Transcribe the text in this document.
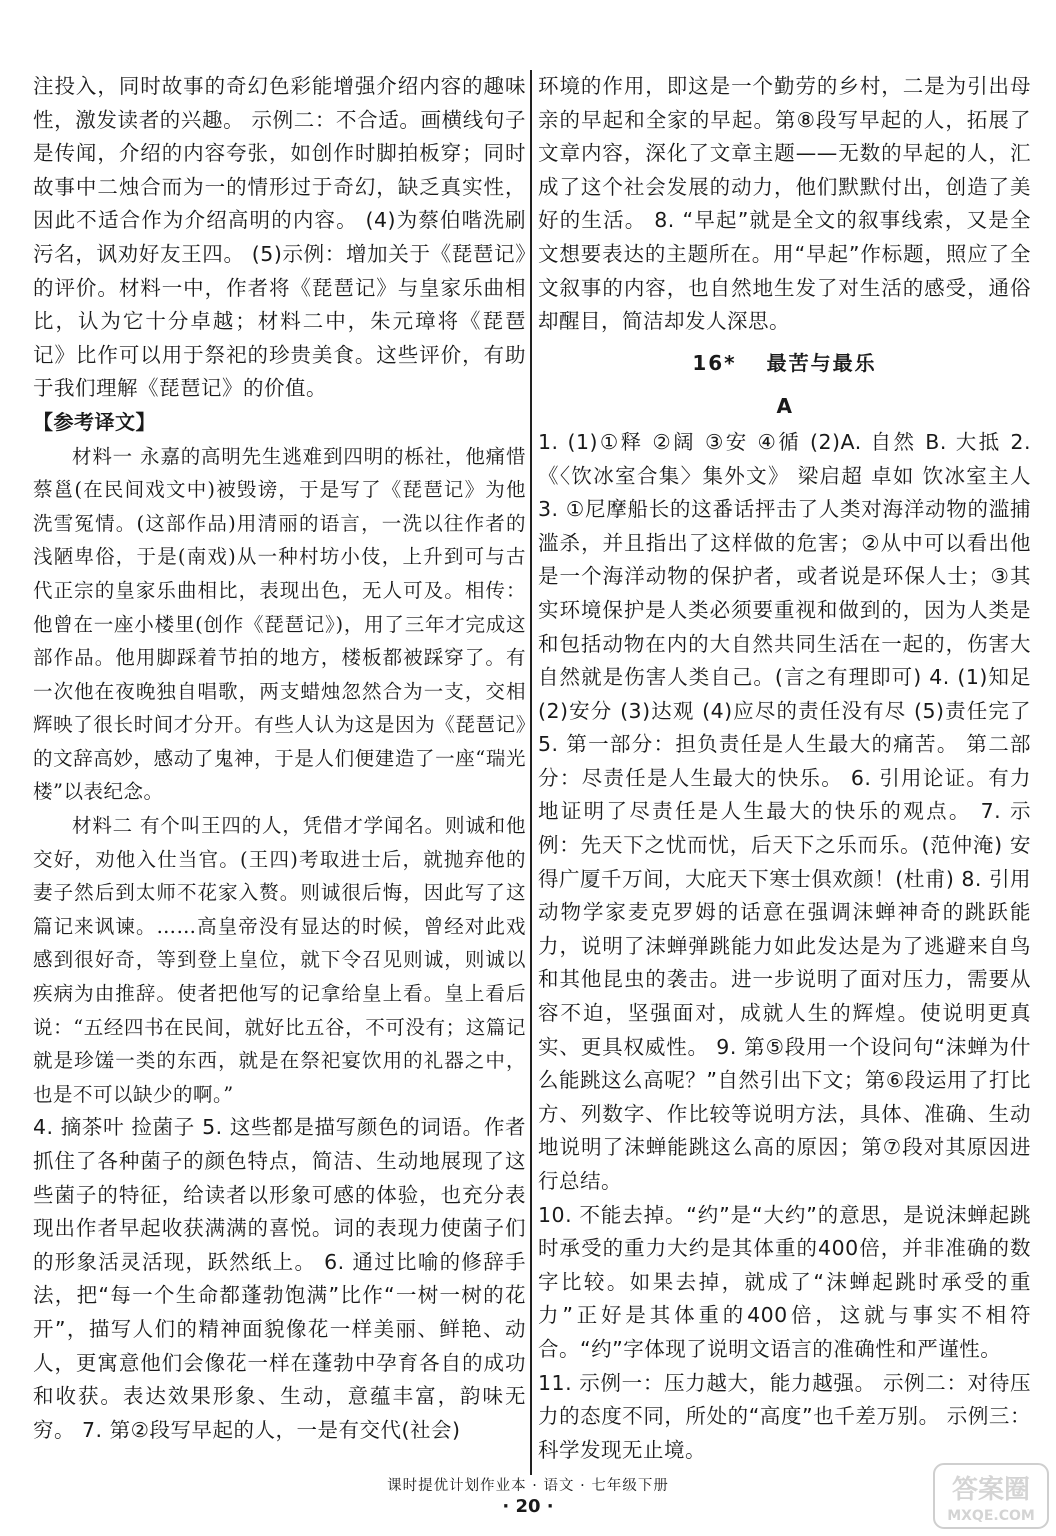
注投入，同时故事的奇幻色彩能增强介绍内容的趣味性，激发读者的兴趣。 示例二：不合适。画横线句子是传闻，介绍的内容夸张，如创作时脚拍板穿；同时故事中二烛合而为一的情形过于奇幻，缺乏真实性，因此不适合作为介绍高明的内容。 (4)为蔡伯喈洗刷污名，讽劝好友王四。 (5)示例：增加关于《琵琶记》的评价。材料一中，作者将《琵琶记》与皇家乐曲相比，认为它十分卓越；材料二中，朱元璋将《琵琶记》比作可以用于祭祀的珍贵美食。这些评价，有助于我们理解《琵琶记》的价值。

【参考译文】

材料一 永嘉的高明先生逃难到四明的栎社，他痛惜蔡邕(在民间戏文中)被毁谤，于是写了《琵琶记》为他洗雪冤情。(这部作品)用清丽的语言，一洗以往作者的浅陋卑俗，于是(南戏)从一种村坊小伎，上升到可与古代正宗的皇家乐曲相比，表现出色，无人可及。相传：他曾在一座小楼里(创作《琵琶记》)，用了三年才完成这部作品。他用脚踩着节拍的地方，楼板都被踩穿了。有一次他在夜晚独自唱歌，两支蜡烛忽然合为一支，交相辉映了很长时间才分开。有些人认为这是因为《琵琶记》的文辞高妙，感动了鬼神，于是人们便建造了一座“瑞光楼”以表纪念。

材料二 有个叫王四的人，凭借才学闻名。则诚和他交好，劝他入仕当官。(王四)考取进士后，就抛弃他的妻子然后到太师不花家入赘。则诚很后悔，因此写了这篇记来讽谏。……高皇帝没有显达的时候，曾经对此戏感到很好奇，等到登上皇位，就下令召见则诚，则诚以疾病为由推辞。使者把他写的记拿给皇上看。皇上看后说：“五经四书在民间，就好比五谷，不可没有；这篇记就是珍馐一类的东西，就是在祭祀宴饮用的礼器之中，也是不可以缺少的啊。”

4. 摘茶叶 捡菌子 5. 这些都是描写颜色的词语。作者抓住了各种菌子的颜色特点，简洁、生动地展现了这些菌子的特征，给读者以形象可感的体验，也充分表现出作者早起收获满满的喜悦。词的表现力使菌子们的形象活灵活现，跃然纸上。 6. 通过比喻的修辞手法，把“每一个生命都蓬勃饱满”比作“一树一树的花开”，描写人们的精神面貌像花一样美丽、鲜艳、动人，更寓意他们会像花一样在蓬勃中孕育各自的成功和收获。表达效果形象、生动，意蕴丰富，韵味无穷。 7. 第②段写早起的人，一是有交代(社会)

环境的作用，即这是一个勤劳的乡村，二是为引出母亲的早起和全家的早起。第⑧段写早起的人，拓展了文章内容，深化了文章主题——无数的早起的人，汇成了这个社会发展的动力，他们默默付出，创造了美好的生活。 8. “早起”就是全文的叙事线索，又是全文想要表达的主题所在。用“早起”作标题，照应了全文叙事的内容，也自然地生发了对生活的感受，通俗却醒目，简洁却发人深思。

16* 最苦与最乐
A

1. (1)①释 ②阔 ③安 ④循 (2)A. 自然 B. 大抵 2.《〈饮冰室合集〉集外文》 梁启超 卓如 饮冰室主人 3. ①尼摩船长的这番话抨击了人类对海洋动物的滥捕滥杀，并且指出了这样做的危害；②从中可以看出他是一个海洋动物的保护者，或者说是环保人士；③其实环境保护是人类必须要重视和做到的，因为人类是和包括动物在内的大自然共同生活在一起的，伤害大自然就是伤害人类自己。(言之有理即可) 4. (1)知足 (2)安分 (3)达观 (4)应尽的责任没有尽 (5)责任完了 5. 第一部分：担负责任是人生最大的痛苦。 第二部分：尽责任是人生最大的快乐。 6. 引用论证。有力地证明了尽责任是人生最大的快乐的观点。 7. 示例：先天下之忧而忧，后天下之乐而乐。(范仲淹) 安得广厦千万间，大庇天下寒士俱欢颜！(杜甫) 8. 引用动物学家麦克罗姆的话意在强调沫蝉神奇的跳跃能力，说明了沫蝉弹跳能力如此发达是为了逃避来自鸟和其他昆虫的袭击。进一步说明了面对压力，需要从容不迫，坚强面对，成就人生的辉煌。使说明更真实、更具权威性。 9. 第⑤段用一个设问句“沫蝉为什么能跳这么高呢？”自然引出下文；第⑥段运用了打比方、列数字、作比较等说明方法，具体、准确、生动地说明了沫蝉能跳这么高的原因；第⑦段对其原因进行总结。

10. 不能去掉。“约”是“大约”的意思，是说沫蝉起跳时承受的重力大约是其体重的400倍，并非准确的数字比较。如果去掉，就成了“沫蝉起跳时承受的重力”正好是其体重的400倍，这就与事实不相符合。“约”字体现了说明文语言的准确性和严谨性。

11. 示例一：压力越大，能力越强。 示例二：对待压力的态度不同，所处的“高度”也千差万别。 示例三：科学发现无止境。

课时提优计划作业本 · 语文 · 七年级下册
· 20 ·
答案圈
MXQE.COM
